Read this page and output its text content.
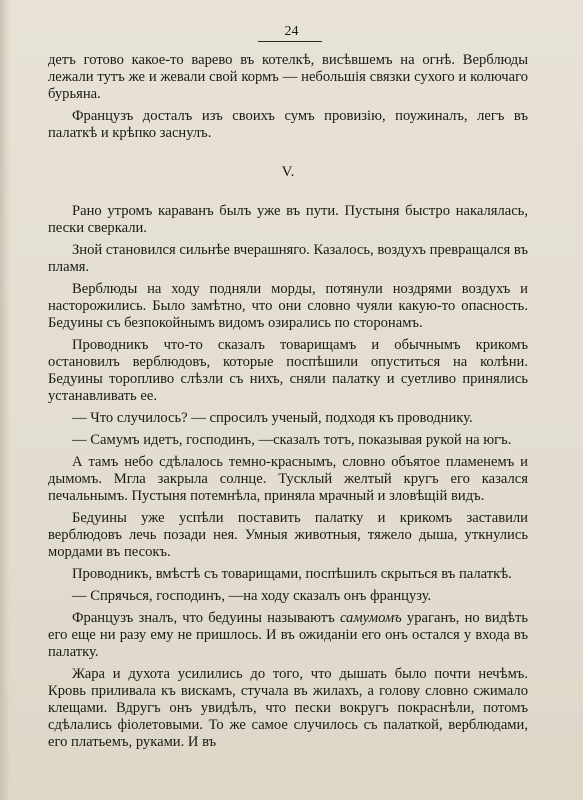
24

детъ готово какое-то варево въ котелкѣ, висѣвшемъ на огнѣ. Верблюды лежали тутъ же и жевали свой кормъ — небольшiя связки сухого и колючаго бурьяна.

Французъ досталъ изъ своихъ сумъ провизiю, поужиналъ, легъ въ палаткѣ и крѣпко заснулъ.

V.

Рано утромъ караванъ былъ уже въ пути. Пустыня быстро накалялась, пески сверкали.

Зной становился сильнѣе вчерашняго. Казалось, воздухъ превращался въ пламя.

Верблюды на ходу подняли морды, потянули ноздрями воздухъ и насторожились. Было замѣтно, что они словно чуяли какую-то опасность. Бедуины съ безпокойнымъ видомъ озирались по сторонамъ.

Проводникъ что-то сказалъ товарищамъ и обычнымъ крикомъ остановилъ верблюдовъ, которые поспѣшили опуститься на колѣни. Бедуины торопливо слѣзли съ нихъ, сняли палатку и суетливо принялись устанавливать ее.

— Что случилось? — спросилъ ученый, подходя къ проводнику.

— Самумъ идетъ, господинъ, —сказалъ тотъ, показывая рукой на югъ.

А тамъ небо сдѣлалось темно-краснымъ, словно объятое пламенемъ и дымомъ. Мгла закрыла солнце. Тусклый желтый кругъ его казался печальнымъ. Пустыня потемнѣла, приняла мрачный и зловѣщiй видъ.

Бедуины уже успѣли поставить палатку и крикомъ заставили верблюдовъ лечь позади нея. Умныя животныя, тяжело дыша, уткнулись мордами въ песокъ.

Проводникъ, вмѣстѣ съ товарищами, поспѣшилъ скрыться въ палаткѣ.

— Спрячься, господинъ, —на ходу сказалъ онъ французу.

Французъ зналъ, что бедуины называютъ самумомъ ураганъ, но видѣть его еще ни разу ему не пришлось. И въ ожиданiи его онъ остался у входа въ палатку.

Жара и духота усилились до того, что дышать было почти нечѣмъ. Кровь приливала къ вискамъ, стучала въ жилахъ, а голову словно сжимало клещами. Вдругъ онъ увидѣлъ, что пески вокругъ покраснѣли, потомъ сдѣлались фiолетовыми. То же самое случилось съ палаткой, верблюдами, его платьемъ, руками. И въ
